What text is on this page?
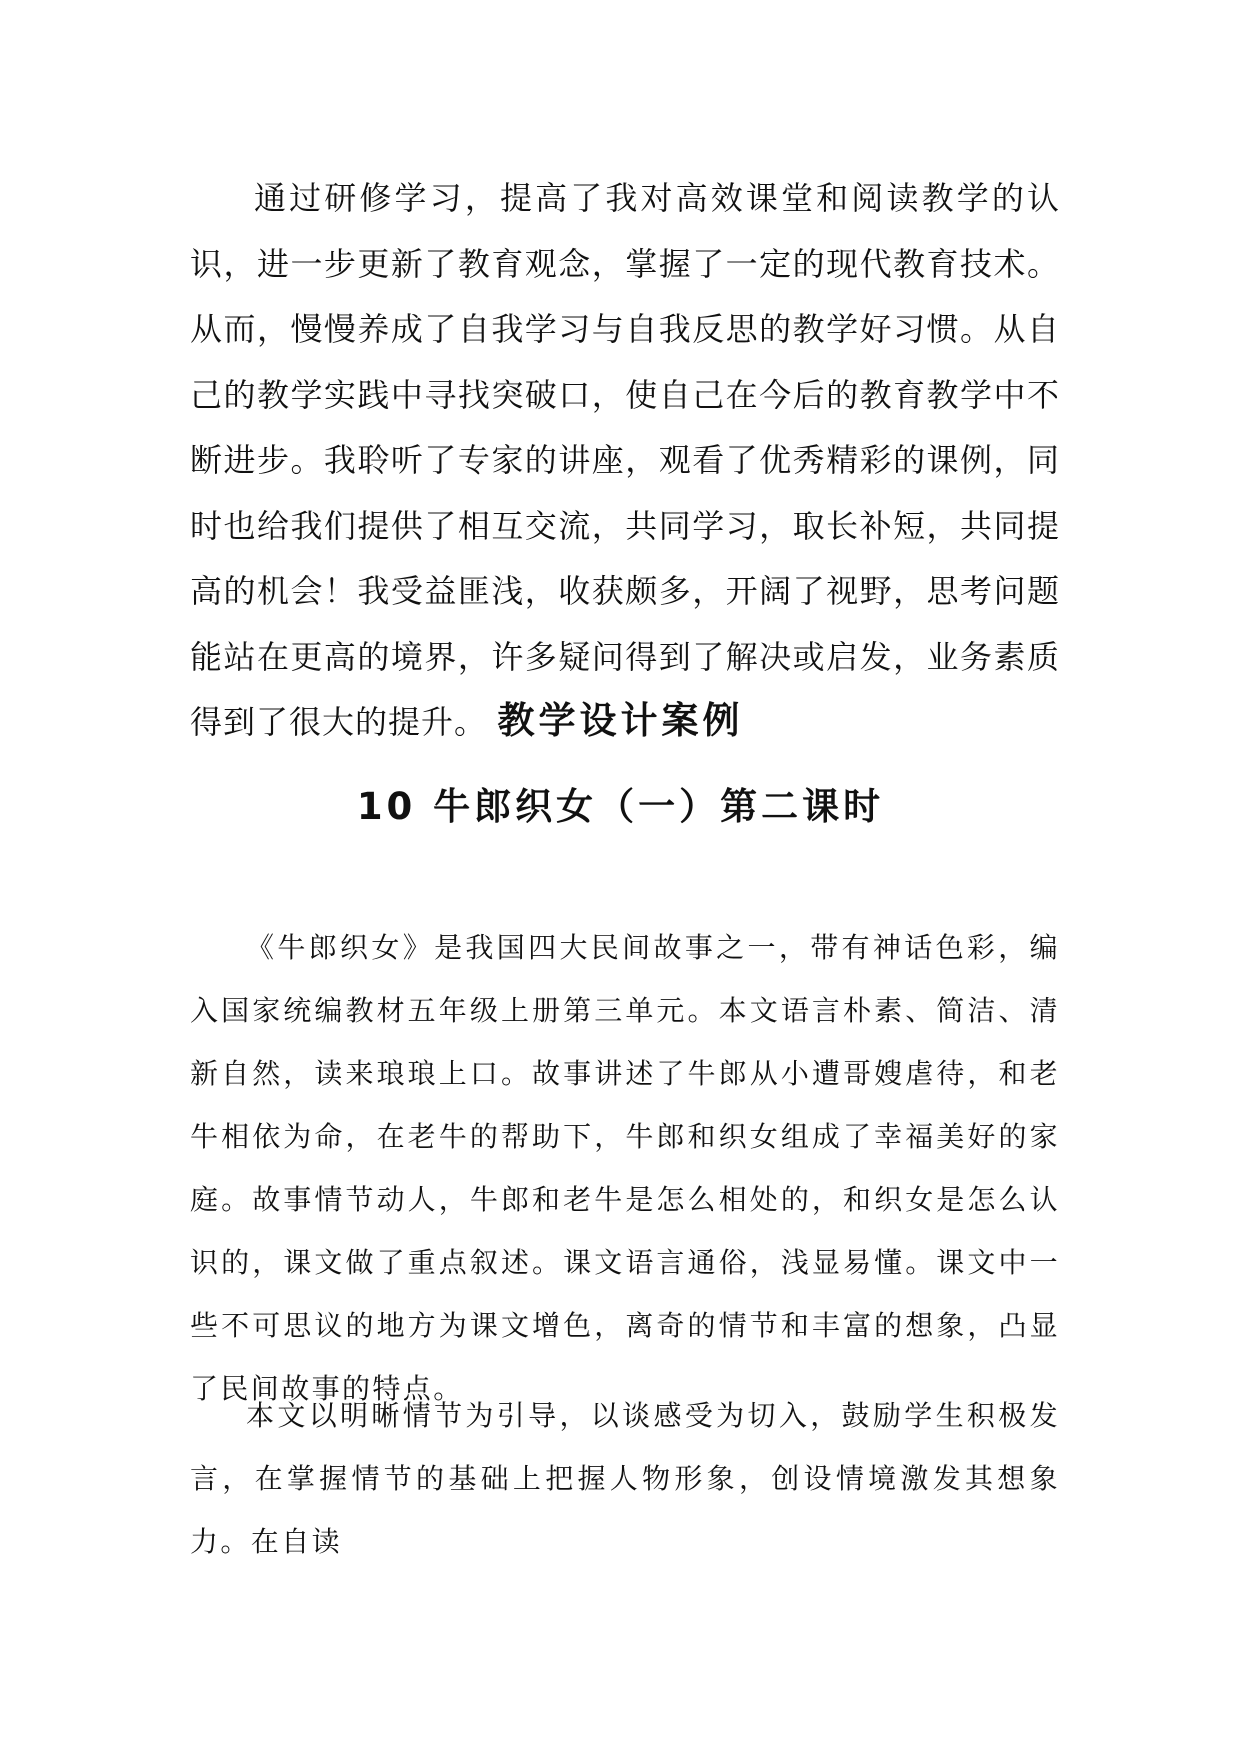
通过研修学习，提高了我对高效课堂和阅读教学的认识，进一步更新了教育观念，掌握了一定的现代教育技术。从而，慢慢养成了自我学习与自我反思的教学好习惯。从自己的教学实践中寻找突破口，使自己在今后的教育教学中不断进步。我聆听了专家的讲座，观看了优秀精彩的课例，同时也给我们提供了相互交流，共同学习，取长补短，共同提高的机会！我受益匪浅，收获颇多，开阔了视野，思考问题能站在更高的境界，许多疑问得到了解决或启发，业务素质得到了很大的提升。 教学设计案例
10 牛郎织女（一）第二课时

《牛郎织女》是我国四大民间故事之一，带有神话色彩，编入国家统编教材五年级上册第三单元。本文语言朴素、简洁、清新自然，读来琅琅上口。故事讲述了牛郎从小遭哥嫂虐待，和老牛相依为命，在老牛的帮助下，牛郎和织女组成了幸福美好的家庭。故事情节动人，牛郎和老牛是怎么相处的，和织女是怎么认识的，课文做了重点叙述。课文语言通俗，浅显易懂。课文中一些不可思议的地方为课文增色，离奇的情节和丰富的想象，凸显了民间故事的特点。

本文以明晰情节为引导，以谈感受为切入，鼓励学生积极发言，在掌握情节的基础上把握人物形象，创设情境激发其想象力。在自读
